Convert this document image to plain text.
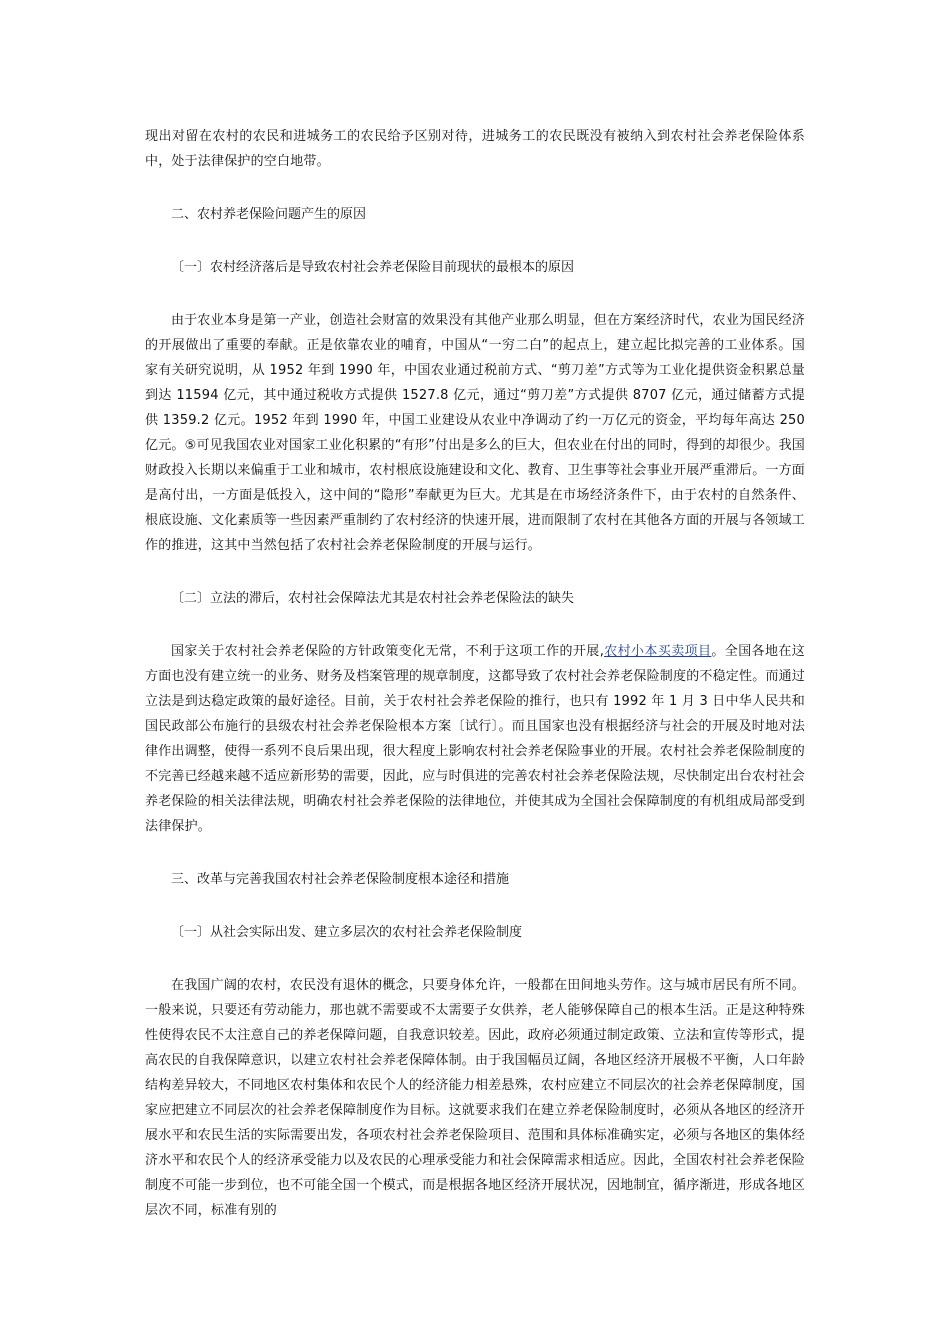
现出对留在农村的农民和进城务工的农民给予区别对待，进城务工的农民既没有被纳入到农村社会养老保险体系中，处于法律保护的空白地带。

二、农村养老保险问题产生的原因

〔一〕农村经济落后是导致农村社会养老保险目前现状的最根本的原因

由于农业本身是第一产业，创造社会财富的效果没有其他产业那么明显，但在方案经济时代，农业为国民经济的开展做出了重要的奉献。正是依靠农业的哺育，中国从“一穷二白”的起点上，建立起比拟完善的工业体系。国家有关研究说明，从 1952 年到 1990 年，中国农业通过税前方式、“剪刀差”方式等为工业化提供资金积累总量到达 11594 亿元，其中通过税收方式提供 1527.8 亿元，通过“剪刀差”方式提供 8707 亿元，通过储蓄方式提供 1359.2 亿元。1952 年到 1990 年，中国工业建设从农业中净调动了约一万亿元的资金，平均每年高达 250 亿元。⑤可见我国农业对国家工业化积累的“有形”付出是多么的巨大，但农业在付出的同时，得到的却很少。我国财政投入长期以来偏重于工业和城市，农村根底设施建设和文化、教育、卫生事等社会事业开展严重滞后。一方面是高付出，一方面是低投入，这中间的“隐形”奉献更为巨大。尤其是在市场经济条件下，由于农村的自然条件、根底设施、文化素质等一些因素严重制约了农村经济的快速开展，进而限制了农村在其他各方面的开展与各领域工作的推进，这其中当然包括了农村社会养老保险制度的开展与运行。

〔二〕立法的滞后，农村社会保障法尤其是农村社会养老保险法的缺失

国家关于农村社会养老保险的方针政策变化无常，不利于这项工作的开展,农村小本买卖项目。全国各地在这方面也没有建立统一的业务、财务及档案管理的规章制度，这都导致了农村社会养老保险制度的不稳定性。而通过立法是到达稳定政策的最好途径。目前，关于农村社会养老保险的推行，也只有 1992 年 1 月 3 日中华人民共和国民政部公布施行的县级农村社会养老保险根本方案〔试行〕。而且国家也没有根据经济与社会的开展及时地对法律作出调整，使得一系列不良后果出现，很大程度上影响农村社会养老保险事业的开展。农村社会养老保险制度的不完善已经越来越不适应新形势的需要，因此，应与时俱进的完善农村社会养老保险法规，尽快制定出台农村社会养老保险的相关法律法规，明确农村社会养老保险的法律地位，并使其成为全国社会保障制度的有机组成局部受到法律保护。

三、改革与完善我国农村社会养老保险制度根本途径和措施

〔一〕从社会实际出发、建立多层次的农村社会养老保险制度

在我国广阔的农村，农民没有退休的概念，只要身体允许，一般都在田间地头劳作。这与城市居民有所不同。一般来说，只要还有劳动能力，那也就不需要或不太需要子女供养，老人能够保障自己的根本生活。正是这种特殊性使得农民不太注意自己的养老保障问题，自我意识较差。因此，政府必须通过制定政策、立法和宣传等形式，提高农民的自我保障意识，以建立农村社会养老保障体制。由于我国幅员辽阔，各地区经济开展极不平衡，人口年龄结构差异较大，不同地区农村集体和农民个人的经济能力相差悬殊，农村应建立不同层次的社会养老保障制度，国家应把建立不同层次的社会养老保障制度作为目标。这就要求我们在建立养老保险制度时，必须从各地区的经济开展水平和农民生活的实际需要出发，各项农村社会养老保险项目、范围和具体标准确实定，必须与各地区的集体经济水平和农民个人的经济承受能力以及农民的心理承受能力和社会保障需求相适应。因此，全国农村社会养老保险制度不可能一步到位，也不可能全国一个模式，而是根据各地区经济开展状况，因地制宜，循序渐进，形成各地区层次不同，标准有别的
